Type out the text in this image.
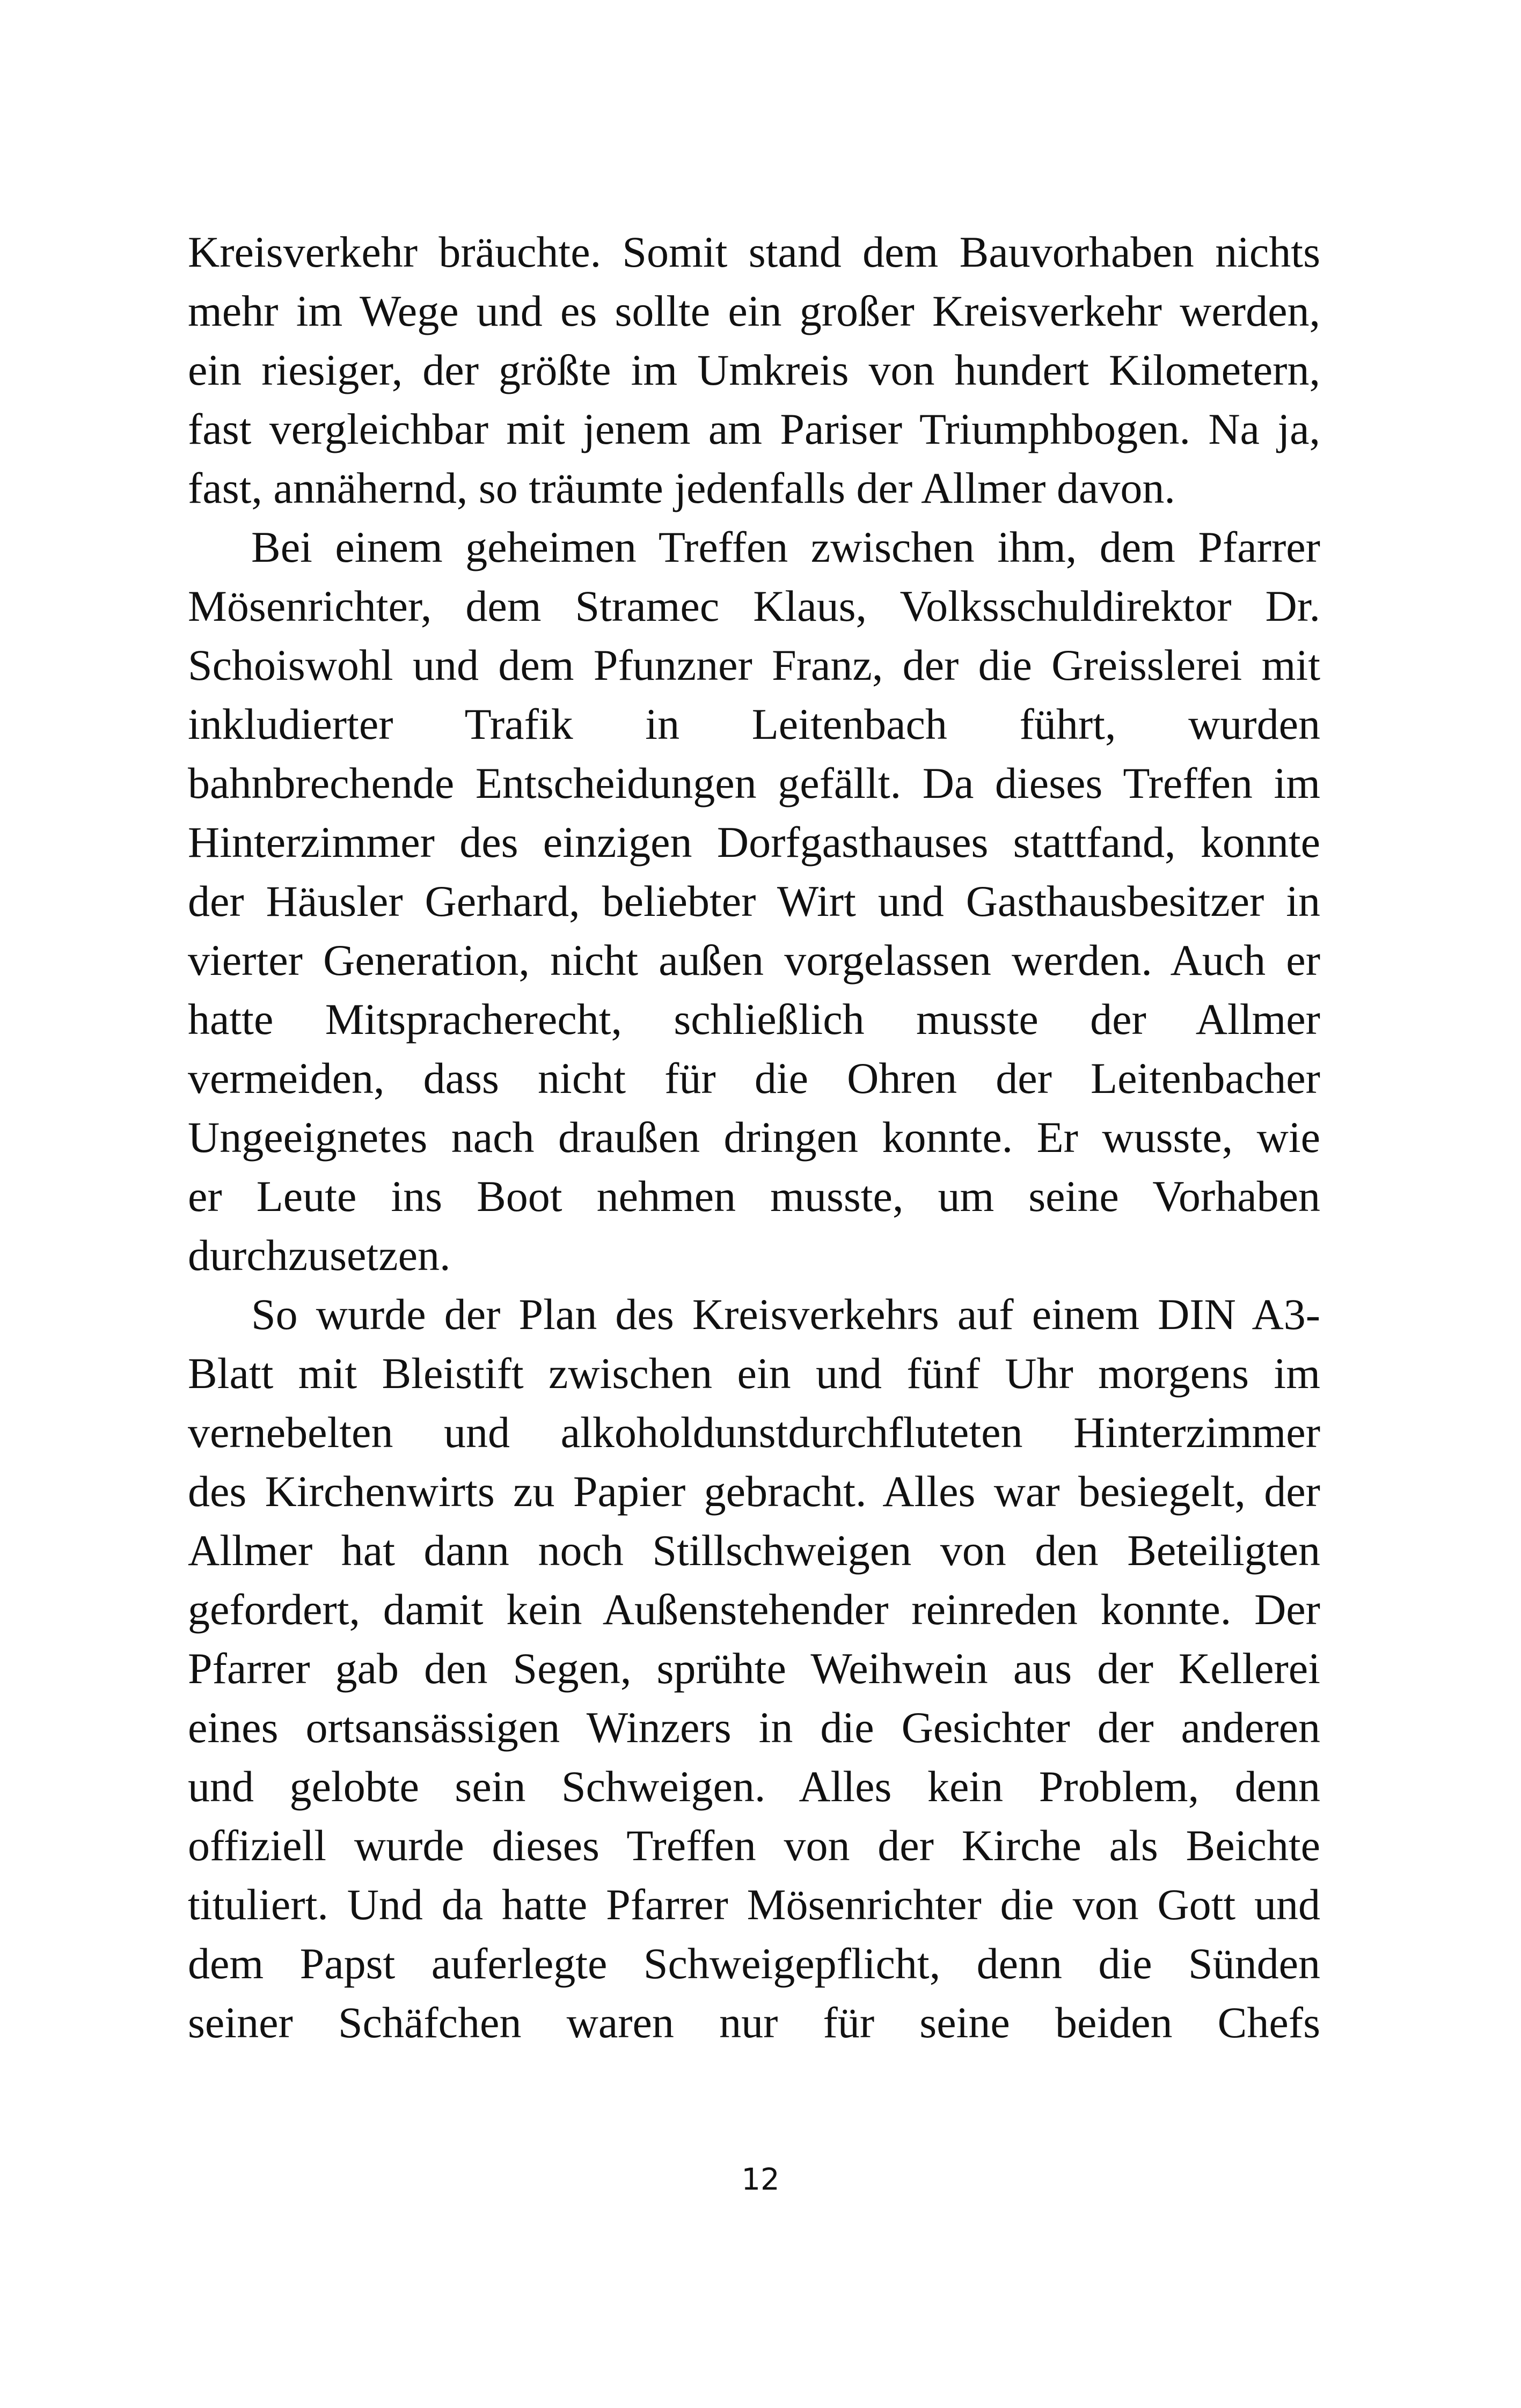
Kreisverkehr bräuchte. Somit stand dem Bauvorhaben nichts
mehr im Wege und es sollte ein großer Kreisverkehr werden,
ein riesiger, der größte im Umkreis von hundert Kilometern,
fast vergleichbar mit jenem am Pariser Triumphbogen. Na ja,
fast, annähernd, so träumte jedenfalls der Allmer davon.
Bei einem geheimen Treffen zwischen ihm, dem Pfarrer
Mösenrichter, dem Stramec Klaus, Volksschuldirektor Dr.
Schoiswohl und dem Pfunzner Franz, der die Greisslerei mit
inkludierter Trafik in Leitenbach führt, wurden
bahnbrechende Entscheidungen gefällt. Da dieses Treffen im
Hinterzimmer des einzigen Dorfgasthauses stattfand, konnte
der Häusler Gerhard, beliebter Wirt und Gasthausbesitzer in
vierter Generation, nicht außen vorgelassen werden. Auch er
hatte Mitspracherecht, schließlich musste der Allmer
vermeiden, dass nicht für die Ohren der Leitenbacher
Ungeeignetes nach draußen dringen konnte. Er wusste, wie
er Leute ins Boot nehmen musste, um seine Vorhaben
durchzusetzen.
So wurde der Plan des Kreisverkehrs auf einem DIN A3-
Blatt mit Bleistift zwischen ein und fünf Uhr morgens im
vernebelten und alkoholdunstdurchfluteten Hinterzimmer
des Kirchenwirts zu Papier gebracht. Alles war besiegelt, der
Allmer hat dann noch Stillschweigen von den Beteiligten
gefordert, damit kein Außenstehender reinreden konnte. Der
Pfarrer gab den Segen, sprühte Weihwein aus der Kellerei
eines ortsansässigen Winzers in die Gesichter der anderen
und gelobte sein Schweigen. Alles kein Problem, denn
offiziell wurde dieses Treffen von der Kirche als Beichte
tituliert. Und da hatte Pfarrer Mösenrichter die von Gott und
dem Papst auferlegte Schweigepflicht, denn die Sünden
seiner Schäfchen waren nur für seine beiden Chefs
12
